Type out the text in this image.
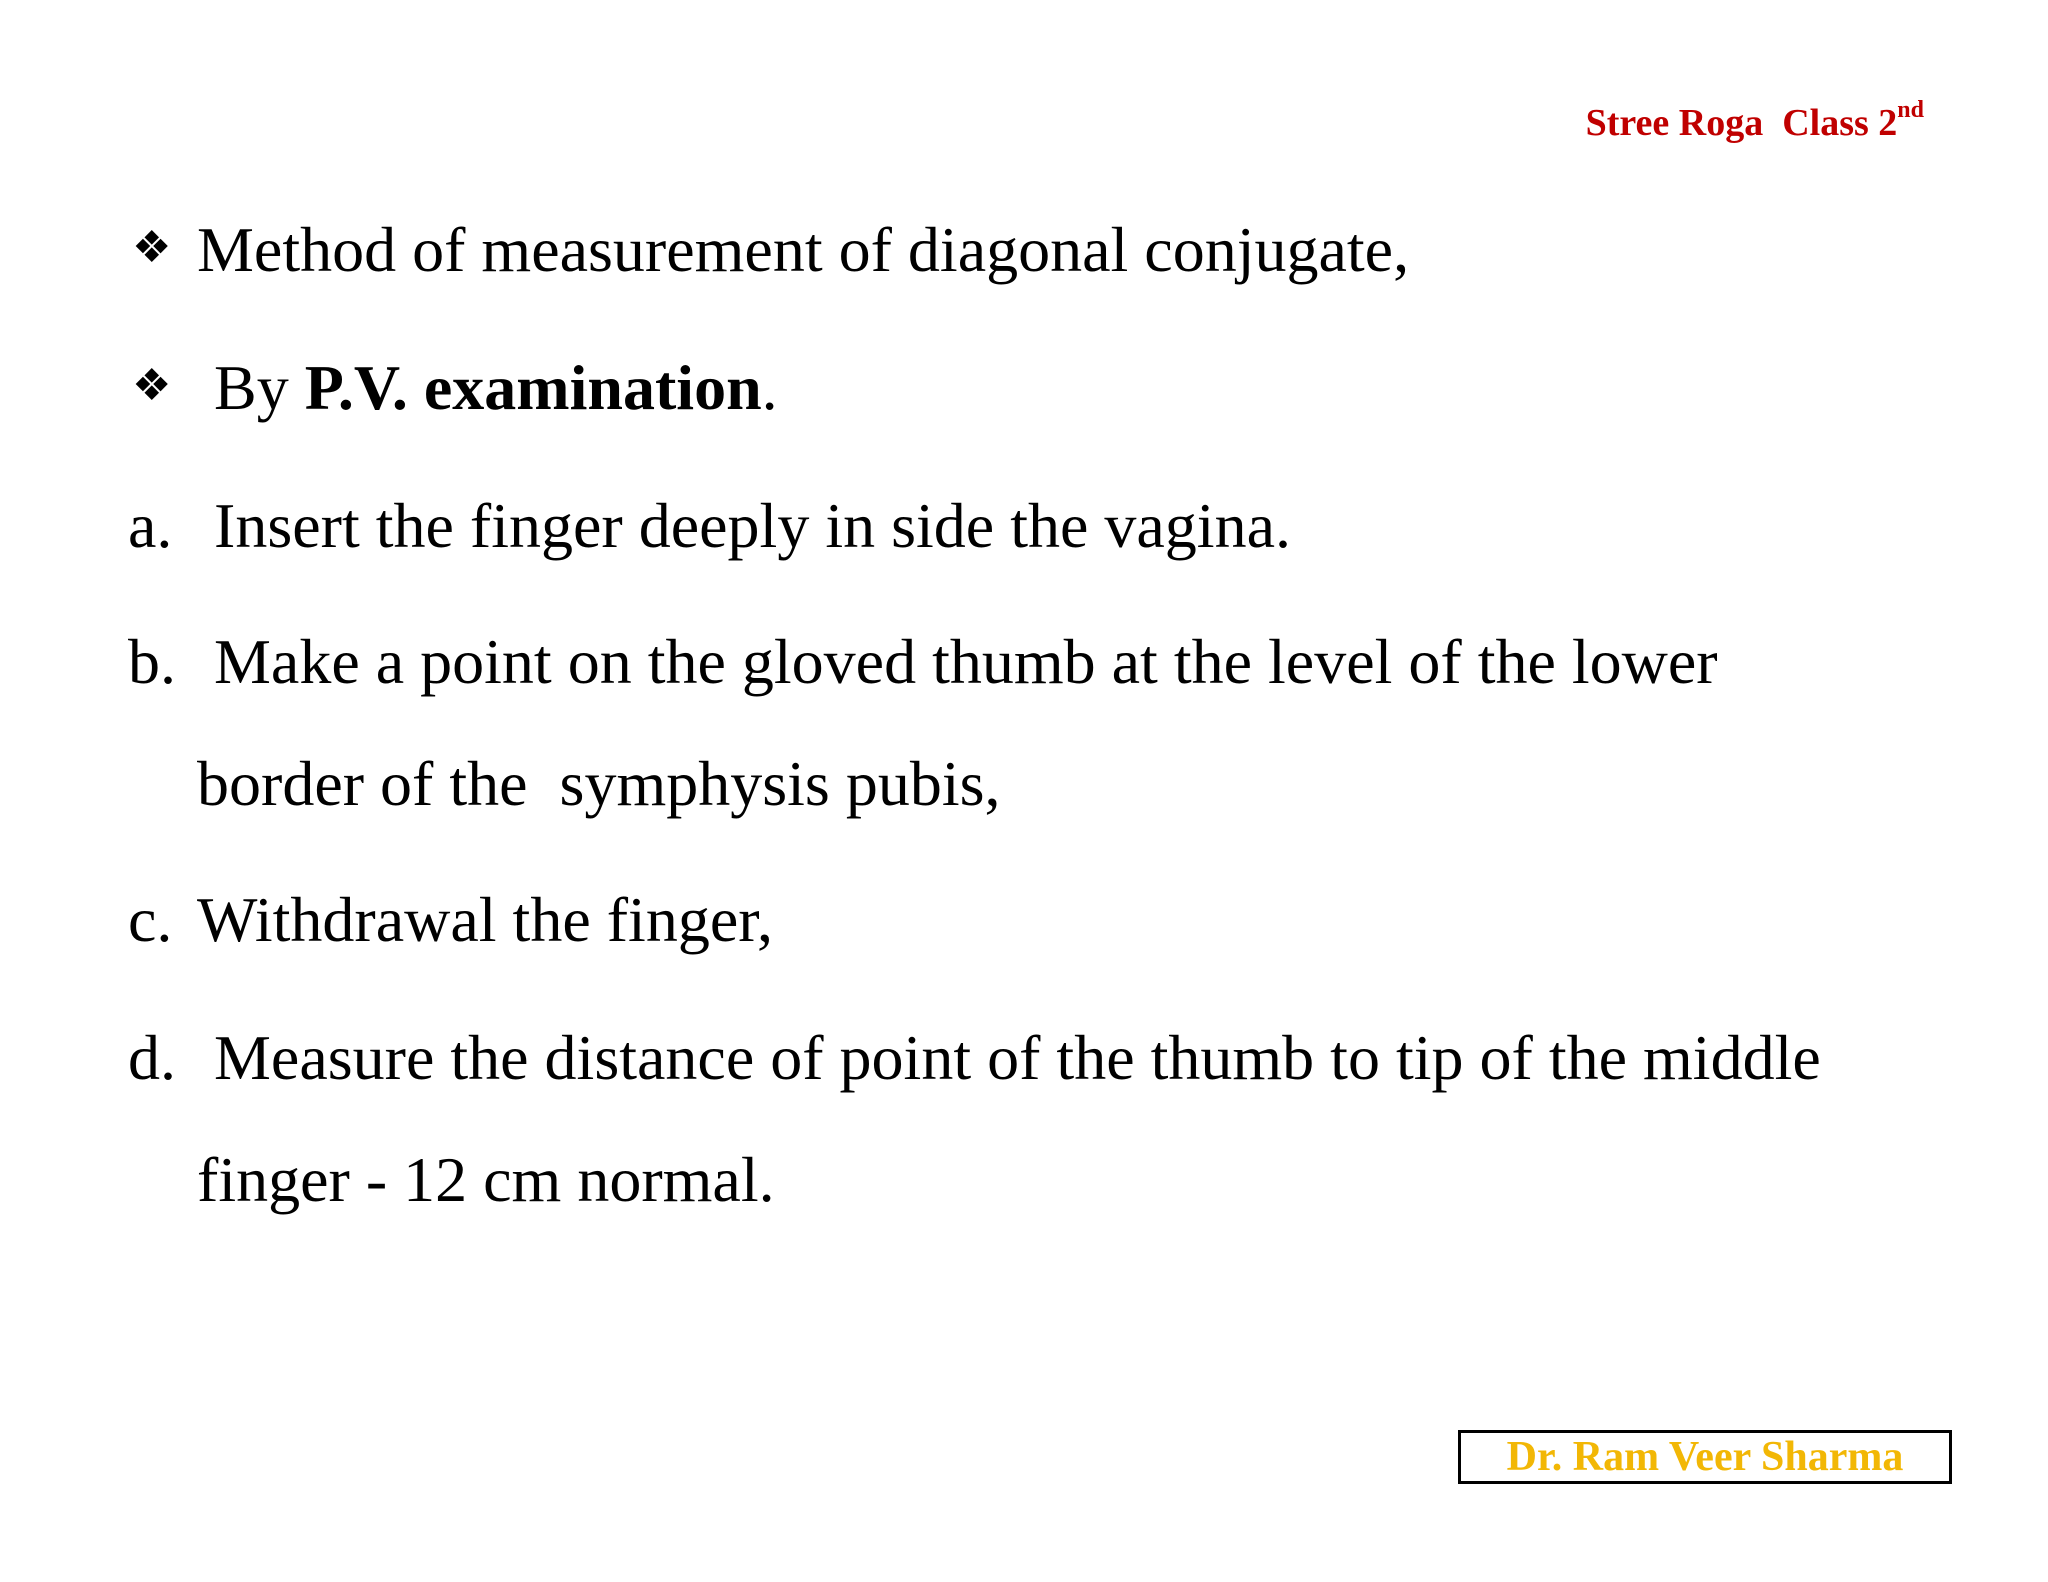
Stree Roga  Class 2nd
❖ Method of measurement of diagonal conjugate,
❖ By P.V. examination.
a. Insert the finger deeply in side the vagina.
b. Make a point on the gloved thumb at the level of the lower
border of the  symphysis pubis,
c. Withdrawal the finger,
d. Measure the distance of point of the thumb to tip of the middle
finger - 12 cm normal.
Dr. Ram Veer Sharma
